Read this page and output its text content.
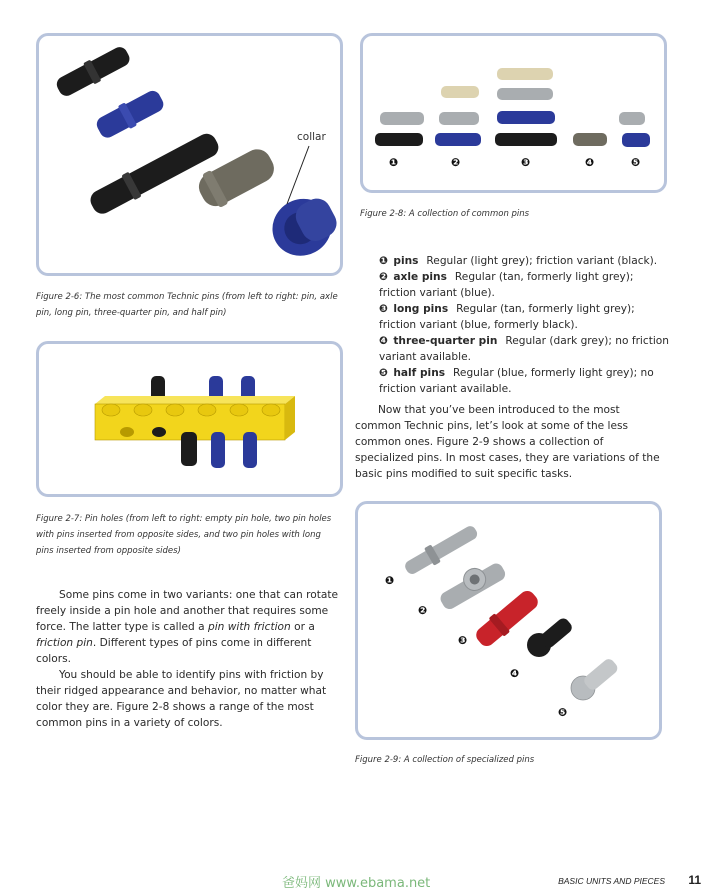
collar
Figure 2-6: The most common Technic pins (from left to right: pin, axle pin, long pin, three-quarter pin, and half pin)
Figure 2-7: Pin holes (from left to right: empty pin hole, two pin holes with pins inserted from opposite sides, and two pin holes with long pins inserted from opposite sides)

Some pins come in two variants: one that can rotate freely inside a pin hole and another that requires some force. The latter type is called a pin with friction or a friction pin. Different types of pins come in different colors.

You should be able to identify pins with friction by their ridged appearance and behavior, no matter what color they are. Figure 2-8 shows a range of the most common pins in a variety of colors.

❶	❷	❸	❹	❺
Figure 2-8: A collection of common pins

❶ pins Regular (light grey); friction variant (black).

❷ axle pins Regular (tan, formerly light grey); friction variant (blue).

❸ long pins Regular (tan, formerly light grey); friction variant (blue, formerly black).

❹ three-quarter pin Regular (dark grey); no friction variant available.

❺ half pins Regular (blue, formerly light grey); no friction variant available.

Now that you’ve been introduced to the most common Technic pins, let’s look at some of the less common ones. Figure 2-9 shows a collection of specialized pins. In most cases, they are variations of the basic pins modified to suit specific tasks.

❶
❷
❸
❹
❺
Figure 2-9: A collection of specialized pins
爸妈网 www.ebama.net	BASIC UNITS AND PIECES 11
